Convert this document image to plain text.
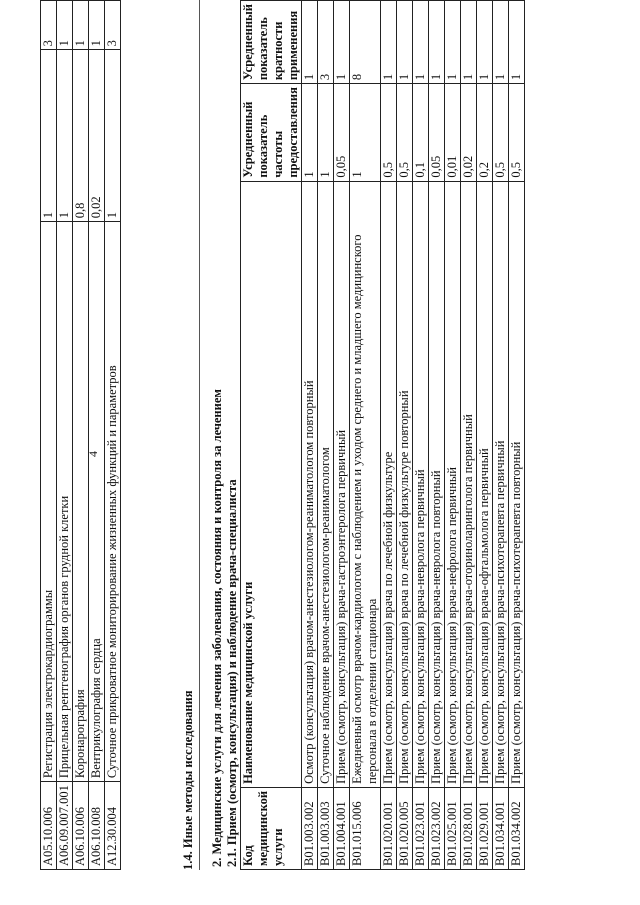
4
A05.10.006	Регистрация электрокардиограммы	1	3
A06.09.007.001	Прицельная рентгенография органов грудной клетки	1	1
A06.10.006	Коронарография	0,8	1
A06.10.008	Вентрикулография сердца	0,02	1
A12.30.004	Суточное прикроватное мониторирование жизненных функций и параметров	1	3
1.4. Иные методы исследования 2. Медицинские услуги для лечения заболевания, состояния и контроля за лечением 2.1. Прием (осмотр, консультация) и наблюдение врача-специалиста Код медицинской услуги	Наименование медицинской услуги	Усредненный показатель частоты предоставления	Усредненный показатель кратности применения
B01.003.002	Осмотр (консультация) врачом-анестезиологом-реаниматологом повторный	1	1
B01.003.003	Суточное наблюдение врачом-анестезиологом-реаниматологом	1	3
B01.004.001	Прием (осмотр, консультация) врача-гастроэнтеролога первичный	0,05	1
B01.015.006	Ежедневный осмотр врачом-кардиологом с наблюдением и уходом среднего и младшего медицинского персонала в отделении стационара	1	8
B01.020.001	Прием (осмотр, консультация) врача по лечебной физкультуре	0,5	1
B01.020.005	Прием (осмотр, консультация) врача по лечебной физкультуре повторный	0,5	1
B01.023.001	Прием (осмотр, консультация) врача-невролога первичный	0,1	1
B01.023.002	Прием (осмотр, консультация) врача-невролога повторный	0,05	1
B01.025.001	Прием (осмотр, консультация) врача-нефролога первичный	0,01	1
B01.028.001	Прием (осмотр, консультация) врача-оториноларинголога первичный	0,02	1
B01.029.001	Прием (осмотр, консультация) врача-офтальмолога первичный	0,2	1
B01.034.001	Прием (осмотр, консультация) врача-психотерапевта первичный	0,5	1
B01.034.002	Прием (осмотр, консультация) врача-психотерапевта повторный	0,5	1
